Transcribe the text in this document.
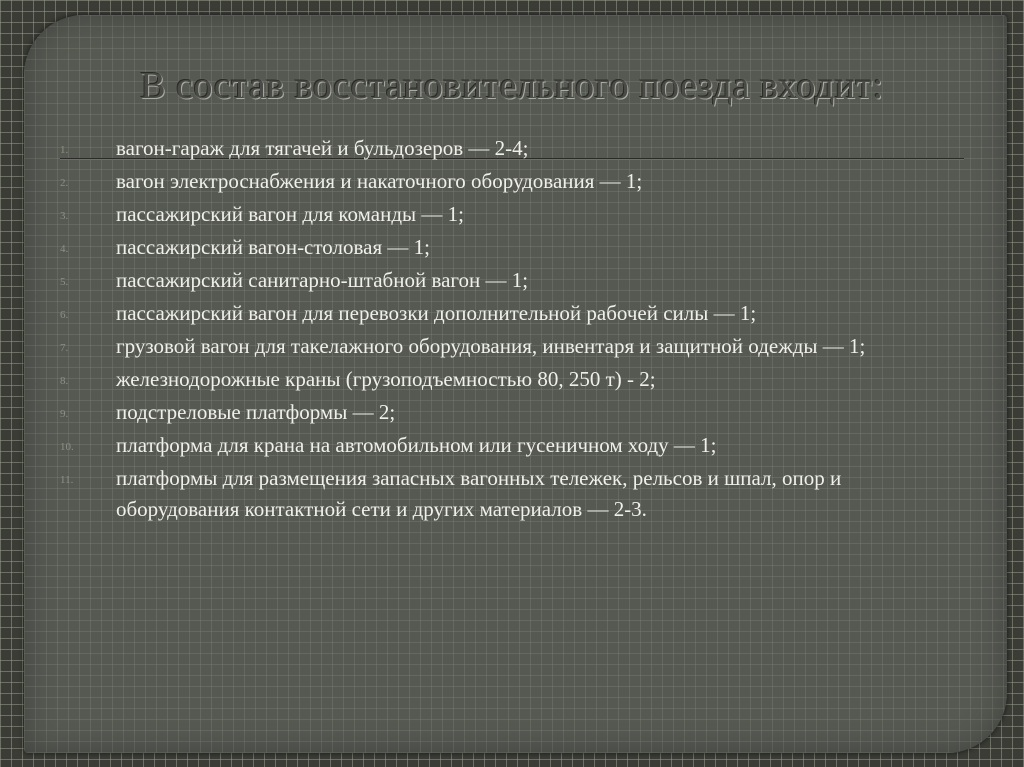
В состав восстановительного поезда входит:
1.	вагон-гараж для тягачей и бульдозеров — 2-4;
2.	вагон электроснабжения и накаточного оборудования — 1;
3.	пассажирский вагон для команды — 1;
4.	пассажирский вагон-столовая — 1;
5.	пассажирский санитарно-штабной вагон — 1;
6.	пассажирский вагон для перевозки дополнительной рабочей силы — 1;
7.	грузовой вагон для такелажного оборудования, инвентаря и защитной одежды — 1;
8.	железнодорожные краны (грузоподъемностью 80, 250 т) - 2;
9.	подстреловые платформы — 2;
10.	платформа для крана на автомобильном или гусеничном ходу — 1;
11.	платформы для размещения запасных вагонных тележек, рельсов и шпал, опор и оборудования контактной сети и других материалов — 2-3.
